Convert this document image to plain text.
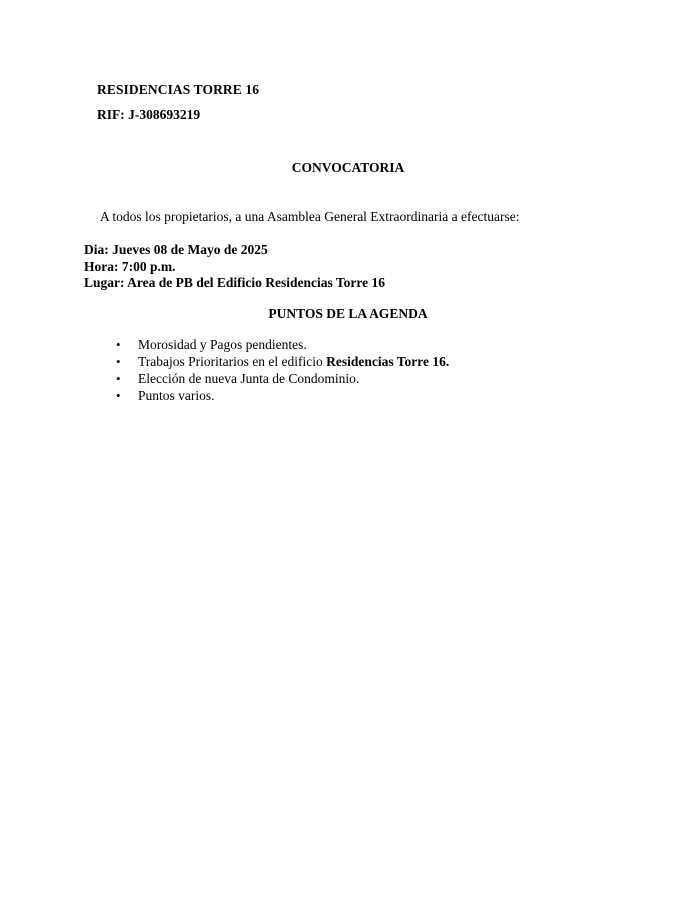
RESIDENCIAS TORRE 16
RIF: J-308693219
CONVOCATORIA
A todos los propietarios, a una Asamblea General Extraordinaria a efectuarse:
Dia: Jueves 08 de Mayo de 2025
Hora: 7:00 p.m.
Lugar: Area de PB del Edificio Residencias Torre 16
PUNTOS DE LA AGENDA
• Morosidad y Pagos pendientes.
• Trabajos Prioritarios en el edificio Residencias Torre 16.
• Elección de nueva Junta de Condominio.
• Puntos varios.
